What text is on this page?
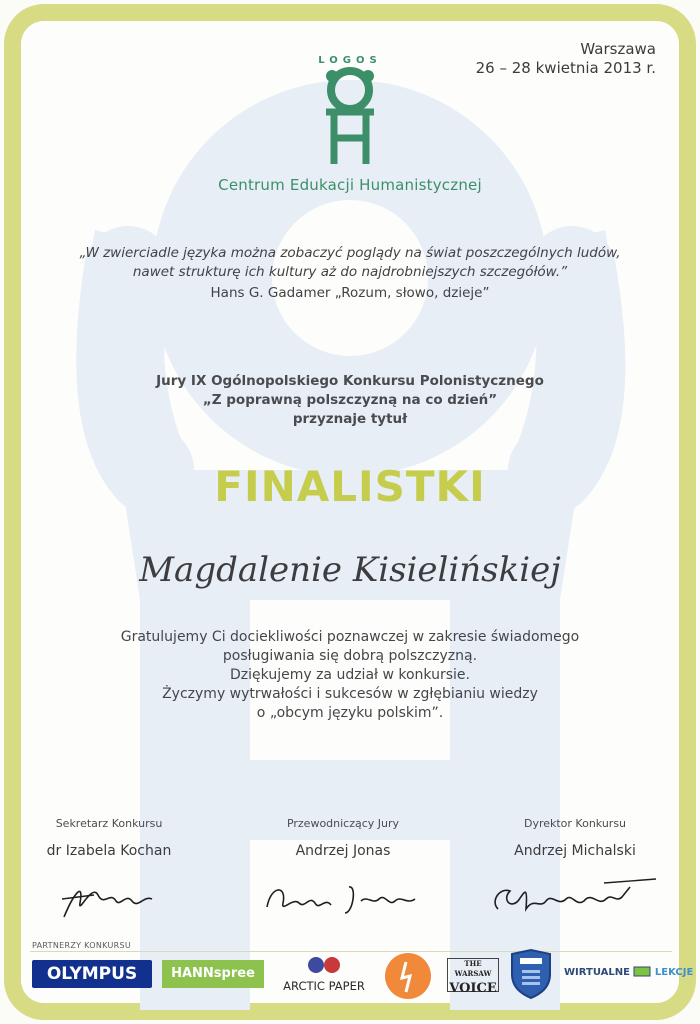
Warszawa
26 – 28 kwietnia 2013 r.
LOGOS
Centrum Edukacji Humanistycznej
„W zwierciadle języka można zobaczyć poglądy na świat poszczególnych ludów,
nawet strukturę ich kultury aż do najdrobniejszych szczegółów.”
Hans G. Gadamer „Rozum, słowo, dzieje”
Jury IX Ogólnopolskiego Konkursu Polonistycznego
„Z poprawną polszczyzną na co dzień”
przyznaje tytuł
FINALISTKI
Magdalenie Kisielińskiej
Gratulujemy Ci dociekliwości poznawczej w zakresie świadomego
posługiwania się dobrą polszczyzną.
Dziękujemy za udział w konkursie.
Życzymy wytrwałości i sukcesów w zgłębianiu wiedzy
o „obcym języku polskim”.
Sekretarz Konkursu
dr Izabela Kochan
Przewodniczący Jury
Andrzej Jonas
Dyrektor Konkursu
Andrzej Michalski
PARTNERZY KONKURSU
OLYMPUS	HANNspree
ARCTIC PAPER
THE WARSAW
VOICE
WIRTUALNE LEKCJE
